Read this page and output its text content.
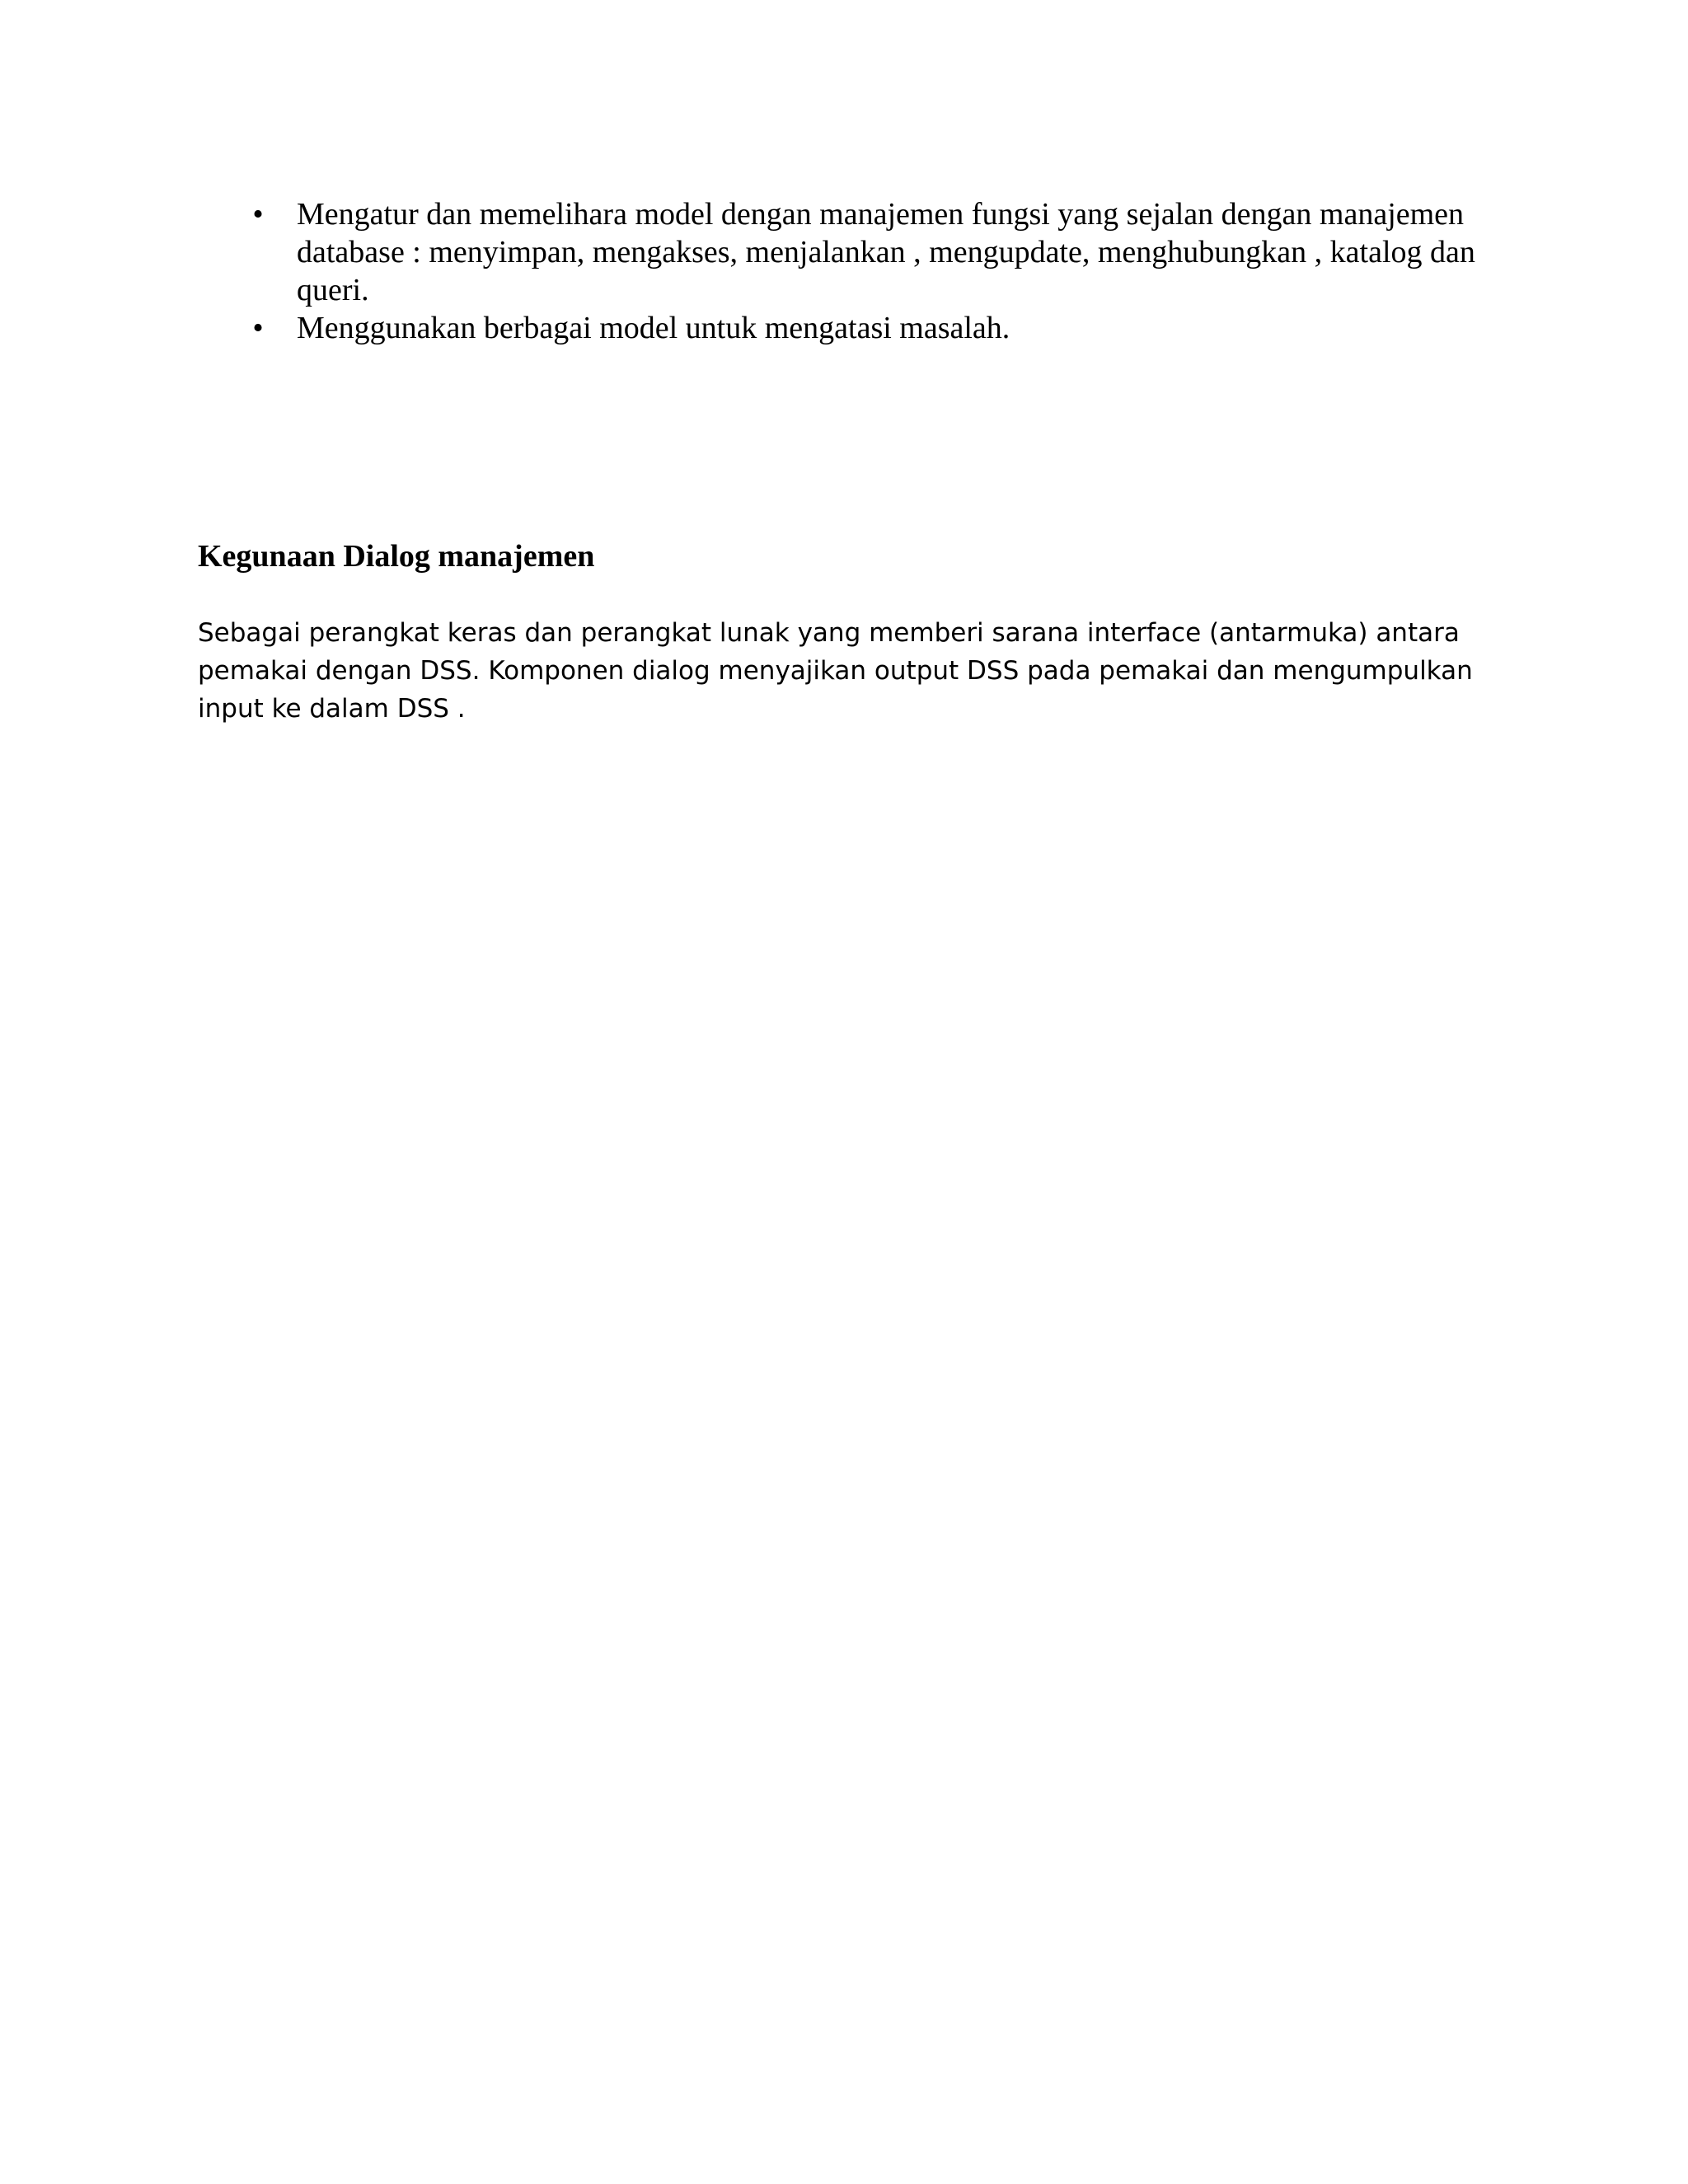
• Mengatur dan memelihara model dengan manajemen fungsi yang sejalan dengan manajemen database : menyimpan, mengakses, menjalankan , mengupdate, menghubungkan , katalog dan queri.
• Menggunakan berbagai model untuk mengatasi masalah.
Kegunaan Dialog manajemen

Sebagai perangkat keras dan perangkat lunak yang memberi sarana interface (antarmuka) antara pemakai dengan DSS. Komponen dialog menyajikan output DSS pada pemakai dan mengumpulkan input ke dalam DSS .
